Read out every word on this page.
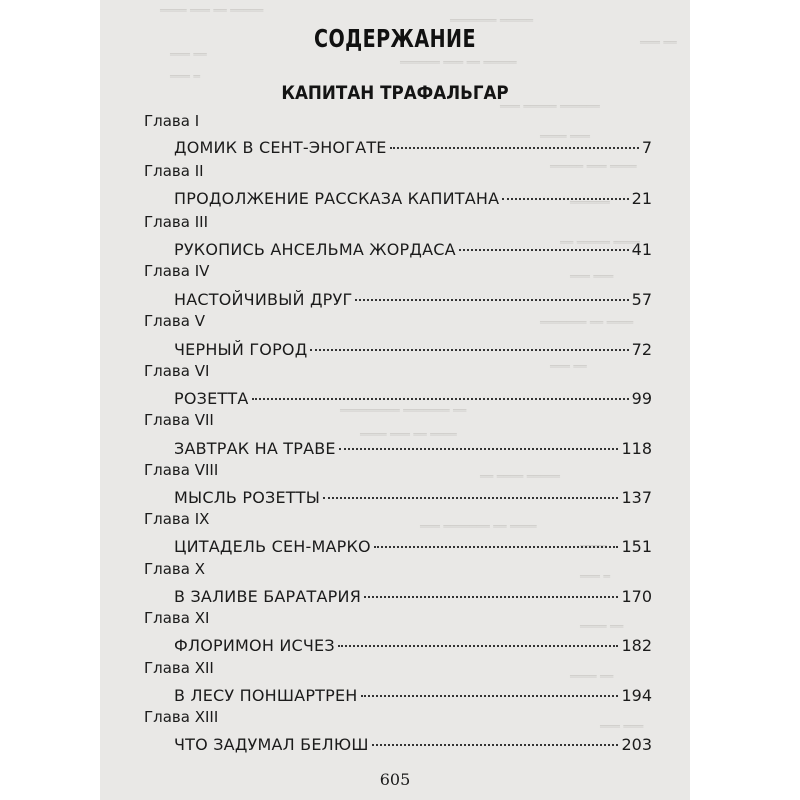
════ ═══ ══ ═════
═══════ ═════
═══ ══
═══ ══
══════ ═══ ══ ═════
═══ ═
═══ ═════ ══════
════ ═══
═════ ═══ ════
══════
══ ═════ ════
═══ ═══
═══════ ══ ════
═══ ══
═════════ ═══════ ══
════ ═══ ══ ════
══ ════ ═════
═══ ═══════ ══ ════
════
═══ ═
════ ══
════ ══
═══ ═══
СОДЕРЖАНИЕ
КАПИТАН ТРАФАЛЬГАР
Глава I
ДОМИК В СЕНТ-ЭНОГАТЕ	7
Глава II
ПРОДОЛЖЕНИЕ РАССКАЗА КАПИТАНА	21
Глава III
РУКОПИСЬ АНСЕЛЬМА ЖОРДАСА	41
Глава IV
НАСТОЙЧИВЫЙ ДРУГ	57
Глава V
ЧЕРНЫЙ ГОРОД	72
Глава VI
РОЗЕТТА	99
Глава VII
ЗАВТРАК НА ТРАВЕ	118
Глава VIII
МЫСЛЬ РОЗЕТТЫ	137
Глава IX
ЦИТАДЕЛЬ СЕН-МАРКО	151
Глава X
В ЗАЛИВЕ БАРАТАРИЯ	170
Глава XI
ФЛОРИМОН ИСЧЕЗ	182
Глава XII
В ЛЕСУ ПОНШАРТРЕН	194
Глава XIII
ЧТО ЗАДУМАЛ БЕЛЮШ	203
605
